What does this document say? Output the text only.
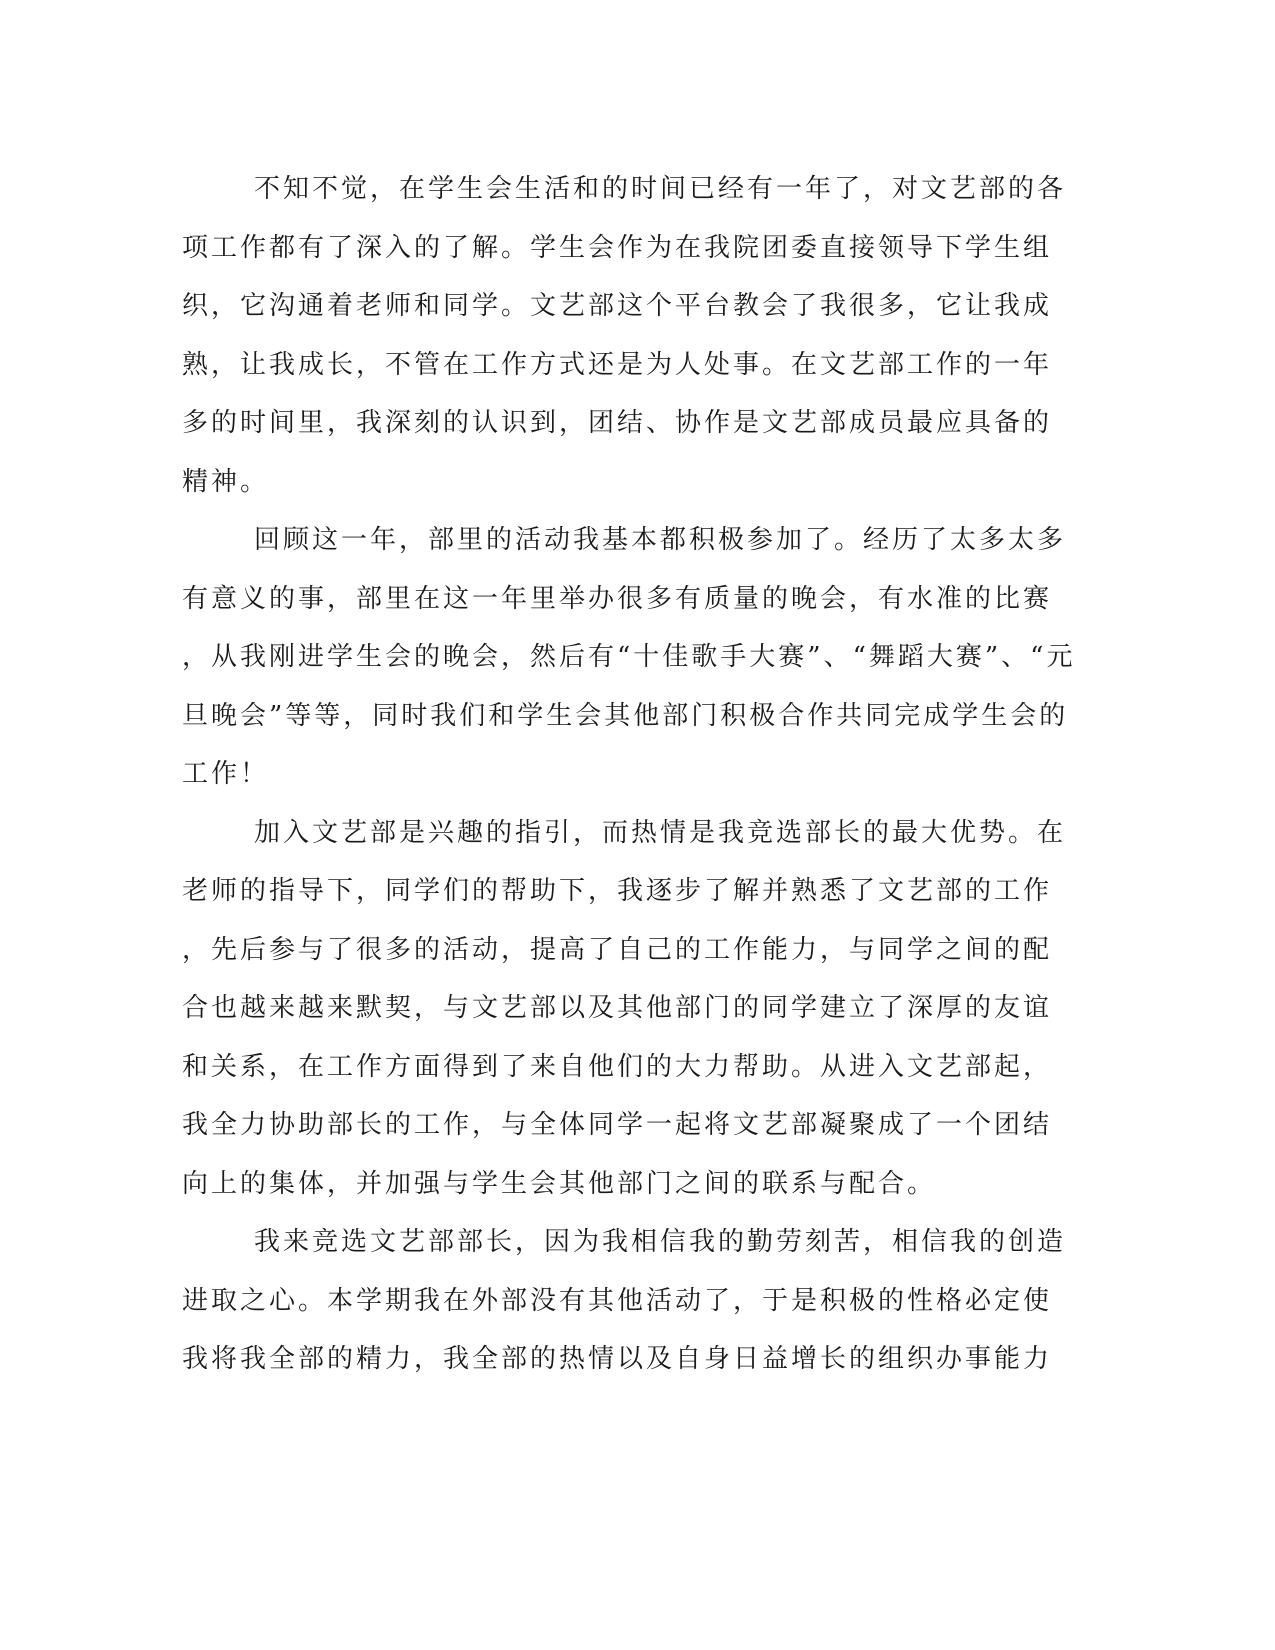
不知不觉，在学生会生活和的时间已经有一年了，对文艺部的各
项工作都有了深入的了解。学生会作为在我院团委直接领导下学生组
织，它沟通着老师和同学。文艺部这个平台教会了我很多，它让我成
熟，让我成长，不管在工作方式还是为人处事。在文艺部工作的一年
多的时间里，我深刻的认识到，团结、协作是文艺部成员最应具备的
精神。
回顾这一年，部里的活动我基本都积极参加了。经历了太多太多
有意义的事，部里在这一年里举办很多有质量的晚会，有水准的比赛
，从我刚进学生会的晚会，然后有“十佳歌手大赛”、“舞蹈大赛”、“元
旦晚会”等等，同时我们和学生会其他部门积极合作共同完成学生会的
工作！
加入文艺部是兴趣的指引，而热情是我竞选部长的最大优势。在
老师的指导下，同学们的帮助下，我逐步了解并熟悉了文艺部的工作
，先后参与了很多的活动，提高了自己的工作能力，与同学之间的配
合也越来越来默契，与文艺部以及其他部门的同学建立了深厚的友谊
和关系，在工作方面得到了来自他们的大力帮助。从进入文艺部起，
我全力协助部长的工作，与全体同学一起将文艺部凝聚成了一个团结
向上的集体，并加强与学生会其他部门之间的联系与配合。
我来竞选文艺部部长，因为我相信我的勤劳刻苦，相信我的创造
进取之心。本学期我在外部没有其他活动了，于是积极的性格必定使
我将我全部的精力，我全部的热情以及自身日益增长的组织办事能力
